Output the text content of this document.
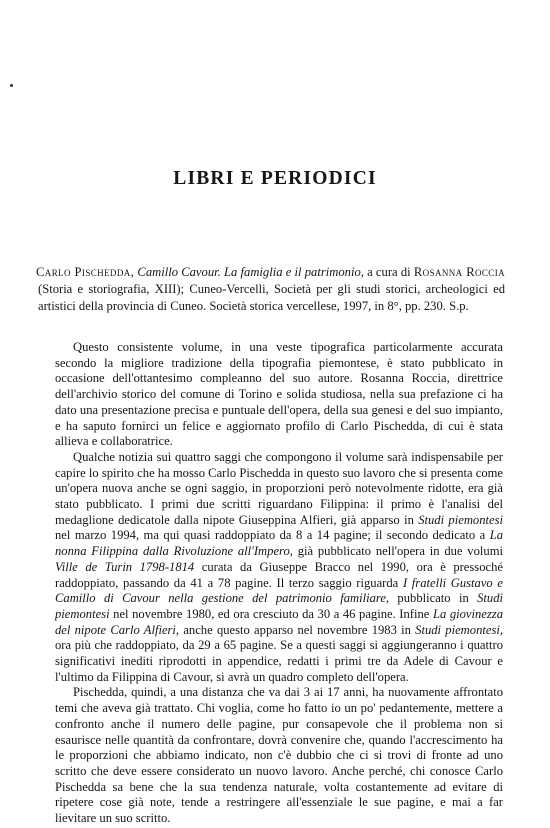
LIBRI E PERIODICI

Carlo Pischedda, Camillo Cavour. La famiglia e il patrimonio, a cura di Rosanna Roccia (Storia e storiografia, XIII); Cuneo-Vercelli, Società per gli studi storici, archeologici ed artistici della provincia di Cuneo. Società storica vercellese, 1997, in 8°, pp. 230. S.p.

Questo consistente volume, in una veste tipografica particolarmente accurata secondo la migliore tradizione della tipografia piemontese, è stato pubblicato in occasione dell'ottantesimo compleanno del suo autore. Rosanna Roccia, direttrice dell'archivio storico del comune di Torino e solida studiosa, nella sua prefazione ci ha dato una presentazione precisa e puntuale dell'opera, della sua genesi e del suo impianto, e ha saputo fornirci un felice e aggiornato profilo di Carlo Pischedda, di cui è stata allieva e collaboratrice.

Qualche notizia sui quattro saggi che compongono il volume sarà indispensabile per capire lo spirito che ha mosso Carlo Pischedda in questo suo lavoro che si presenta come un'opera nuova anche se ogni saggio, in proporzioni però notevolmente ridotte, era già stato pubblicato. I primi due scritti riguardano Filippina: il primo è l'analisi del medaglione dedicatole dalla nipote Giuseppina Alfieri, già apparso in Studi piemontesi nel marzo 1994, ma qui quasi raddoppiato da 8 a 14 pagine; il secondo dedicato a La nonna Filippina dalla Rivoluzione all'Impero, già pubblicato nell'opera in due volumi Ville de Turin 1798-1814 curata da Giuseppe Bracco nel 1990, ora è pressoché raddoppiato, passando da 41 a 78 pagine. Il terzo saggio riguarda I fratelli Gustavo e Camillo di Cavour nella gestione del patrimonio familiare, pubblicato in Studi piemontesi nel novembre 1980, ed ora cresciuto da 30 a 46 pagine. Infine La giovinezza del nipote Carlo Alfieri, anche questo apparso nel novembre 1983 in Studi piemontesi, ora più che raddoppiato, da 29 a 65 pagine. Se a questi saggi si aggiungeranno i quattro significativi inediti riprodotti in appendice, redatti i primi tre da Adele di Cavour e l'ultimo da Filippina di Cavour, si avrà un quadro completo dell'opera.

Pischedda, quindi, a una distanza che va dai 3 ai 17 anni, ha nuovamente affrontato temi che aveva già trattato. Chi voglia, come ho fatto io un po' pedantemente, mettere a confronto anche il numero delle pagine, pur consapevole che il problema non si esaurisce nelle quantità da confrontare, dovrà convenire che, quando l'accrescimento ha le proporzioni che abbiamo indicato, non c'è dubbio che ci si trovi di fronte ad uno scritto che deve essere considerato un nuovo lavoro. Anche perché, chi conosce Carlo Pischedda sa bene che la sua tendenza naturale, volta costantemente ad evitare di ripetere cose già note, tende a restringere all'essenziale le sue pagine, e mai a far lievitare un suo scritto.
